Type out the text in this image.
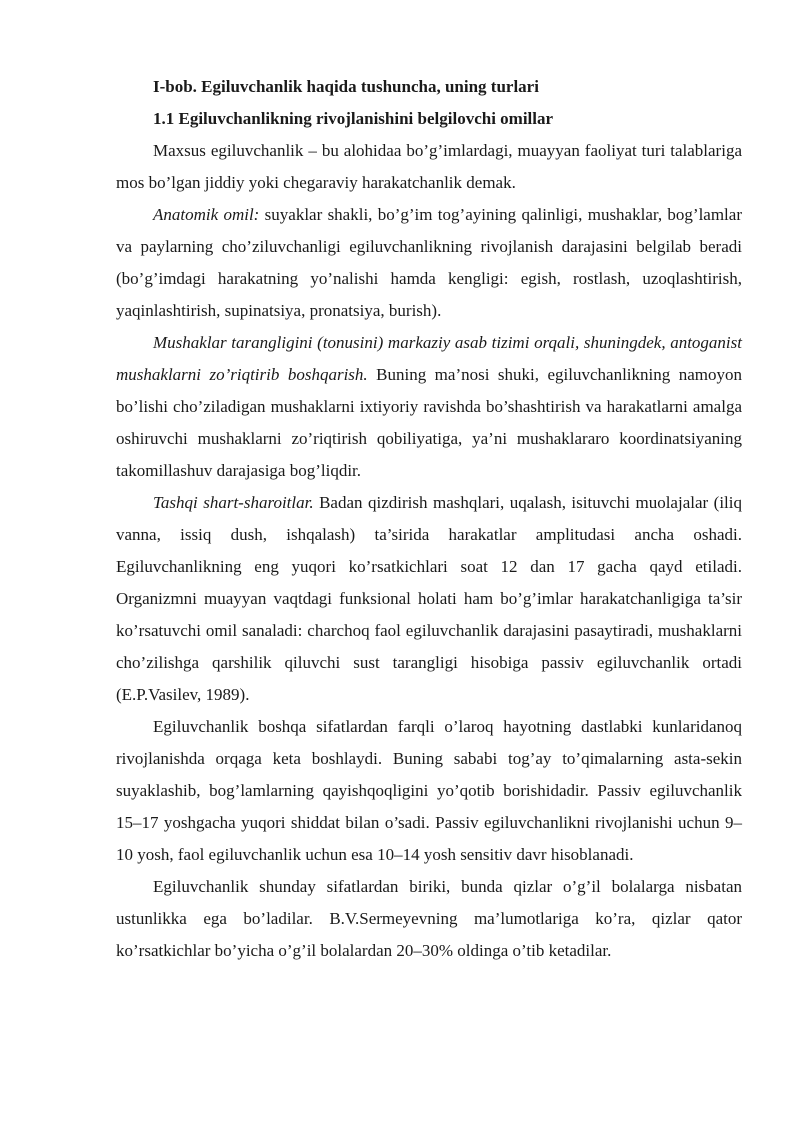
I-bob. Egiluvchanlik haqida tushuncha, uning turlari

1.1 Egiluvchanlikning rivojlanishini belgilovchi omillar

Maxsus egiluvchanlik – bu alohidaa bo’g’imlardagi, muayyan faoliyat turi talablariga mos bo’lgan jiddiy yoki chegaraviy harakatchanlik demak.

Anatomik omil: suyaklar shakli, bo’g’im tog’ayining qalinligi, mushaklar, bog’lamlar va paylarning cho’ziluvchanligi egiluvchanlikning rivojlanish darajasini belgilab beradi (bo’g’imdagi harakatning yo’nalishi hamda kengligi: egish, rostlash, uzoqlashtirish, yaqinlashtirish, supinatsiya, pronatsiya, burish).

Mushaklar tarangligini (tonusini) markaziy asab tizimi orqali, shuningdek, antoganist mushaklarni zo’riqtirib boshqarish. Buning ma’nosi shuki, egiluvchanlikning namoyon bo’lishi cho’ziladigan mushaklarni ixtiyoriy ravishda bo’shashtirish va harakatlarni amalga oshiruvchi mushaklarni zo’riqtirish qobiliyatiga, ya’ni mushaklararo koordinatsiyaning takomillashuv darajasiga bog’liqdir.

Tashqi shart-sharoitlar. Badan qizdirish mashqlari, uqalash, isituvchi muolajalar (iliq vanna, issiq dush, ishqalash) ta’sirida harakatlar amplitudasi ancha oshadi. Egiluvchanlikning eng yuqori ko’rsatkichlari soat 12 dan 17 gacha qayd etiladi. Organizmni muayyan vaqtdagi funksional holati ham bo’g’imlar harakatchanligiga ta’sir ko’rsatuvchi omil sanaladi: charchoq faol egiluvchanlik darajasini pasaytiradi, mushaklarni cho’zilishga qarshilik qiluvchi sust tarangligi hisobiga passiv egiluvchanlik ortadi (E.P.Vasilev, 1989).

Egiluvchanlik boshqa sifatlardan farqli o’laroq hayotning dastlabki kunlaridanoq rivojlanishda orqaga keta boshlaydi. Buning sababi tog’ay to’qimalarning asta-sekin suyaklashib, bog’lamlarning qayishqoqligini yo’qotib borishidadir. Passiv egiluvchanlik 15–17 yoshgacha yuqori shiddat bilan o’sadi. Passiv egiluvchanlikni rivojlanishi uchun 9–10 yosh, faol egiluvchanlik uchun esa 10–14 yosh sensitiv davr hisoblanadi.

Egiluvchanlik shunday sifatlardan biriki, bunda qizlar o’g’il bolalarga nisbatan ustunlikka ega bo’ladilar. B.V.Sermeyevning ma’lumotlariga ko’ra, qizlar qator ko’rsatkichlar bo’yicha o’g’il bolalardan 20–30% oldinga o’tib ketadilar.
